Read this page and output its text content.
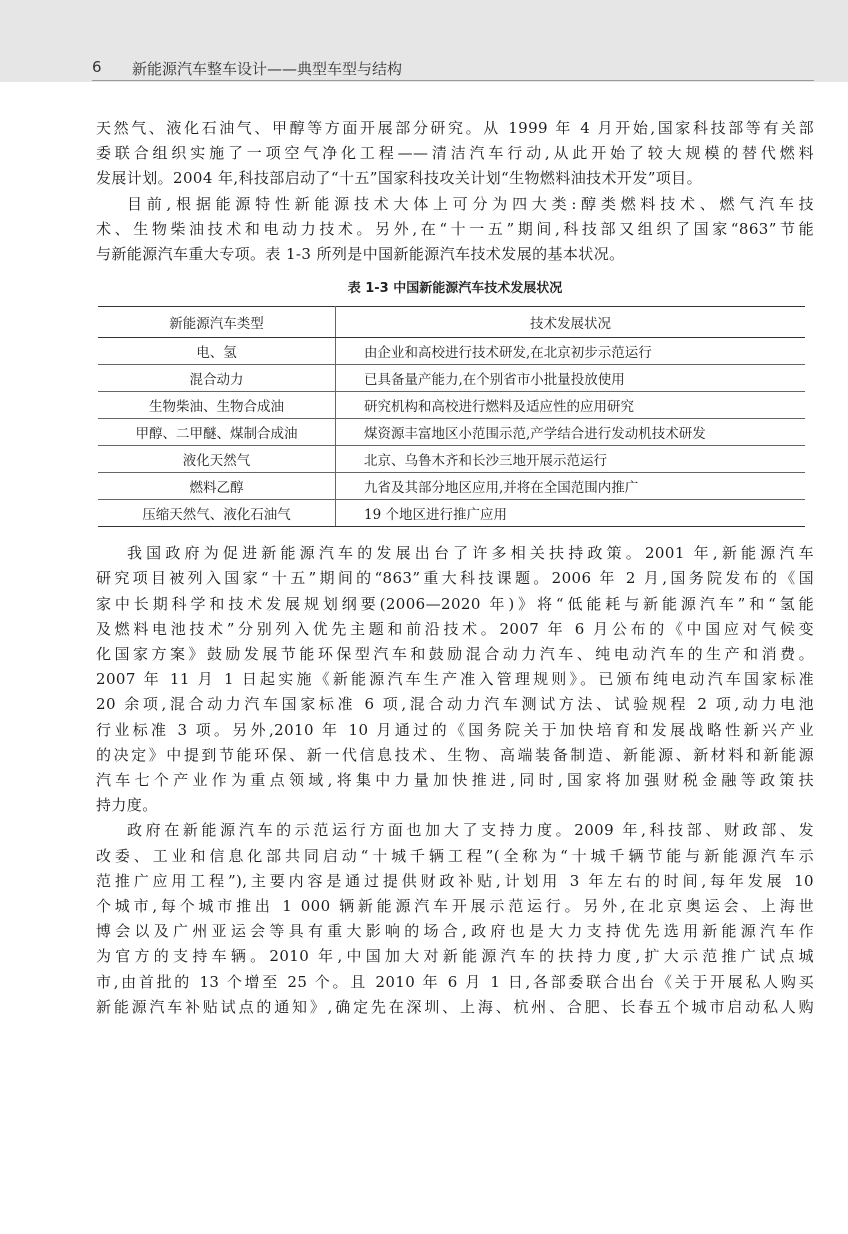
6 新能源汽车整车设计——典型车型与结构

天然气、液化石油气、甲醇等方面开展部分研究。从 1999 年 4 月开始,国家科技部等有关部
委联合组织实施了一项空气净化工程——清洁汽车行动,从此开始了较大规模的替代燃料
发展计划。2004 年,科技部启动了“十五”国家科技攻关计划“生物燃料油技术开发”项目。

目前,根据能源特性新能源技术大体上可分为四大类:醇类燃料技术、燃气汽车技
术、生物柴油技术和电动力技术。另外,在“十一五”期间,科技部又组织了国家“863”节能
与新能源汽车重大专项。表 1-3 所列是中国新能源汽车技术发展的基本状况。

表 1-3 中国新能源汽车技术发展状况
新能源汽车类型	技术发展状况
电、氢	由企业和高校进行技术研发,在北京初步示范运行
混合动力	已具备量产能力,在个别省市小批量投放使用
生物柴油、生物合成油	研究机构和高校进行燃料及适应性的应用研究
甲醇、二甲醚、煤制合成油	煤资源丰富地区小范围示范,产学结合进行发动机技术研发
液化天然气	北京、乌鲁木齐和长沙三地开展示范运行
燃料乙醇	九省及其部分地区应用,并将在全国范围内推广
压缩天然气、液化石油气	19 个地区进行推广应用

我国政府为促进新能源汽车的发展出台了许多相关扶持政策。2001 年,新能源汽车
研究项目被列入国家“十五”期间的“863”重大科技课题。2006 年 2 月,国务院发布的《国
家中长期科学和技术发展规划纲要(2006—2020 年)》将“低能耗与新能源汽车”和“氢能
及燃料电池技术”分别列入优先主题和前沿技术。2007 年 6 月公布的《中国应对气候变
化国家方案》鼓励发展节能环保型汽车和鼓励混合动力汽车、纯电动汽车的生产和消费。
2007 年 11 月 1 日起实施《新能源汽车生产准入管理规则》。已颁布纯电动汽车国家标准
20 余项,混合动力汽车国家标准 6 项,混合动力汽车测试方法、试验规程 2 项,动力电池
行业标准 3 项。另外,2010 年 10 月通过的《国务院关于加快培育和发展战略性新兴产业
的决定》中提到节能环保、新一代信息技术、生物、高端装备制造、新能源、新材料和新能源
汽车七个产业作为重点领域,将集中力量加快推进,同时,国家将加强财税金融等政策扶
持力度。

政府在新能源汽车的示范运行方面也加大了支持力度。2009 年,科技部、财政部、发
改委、工业和信息化部共同启动“十城千辆工程”(全称为“十城千辆节能与新能源汽车示
范推广应用工程”),主要内容是通过提供财政补贴,计划用 3 年左右的时间,每年发展 10
个城市,每个城市推出 1 000 辆新能源汽车开展示范运行。另外,在北京奥运会、上海世
博会以及广州亚运会等具有重大影响的场合,政府也是大力支持优先选用新能源汽车作
为官方的支持车辆。2010 年,中国加大对新能源汽车的扶持力度,扩大示范推广试点城
市,由首批的 13 个增至 25 个。且 2010 年 6 月 1 日,各部委联合出台《关于开展私人购买
新能源汽车补贴试点的通知》,确定先在深圳、上海、杭州、合肥、长春五个城市启动私人购
